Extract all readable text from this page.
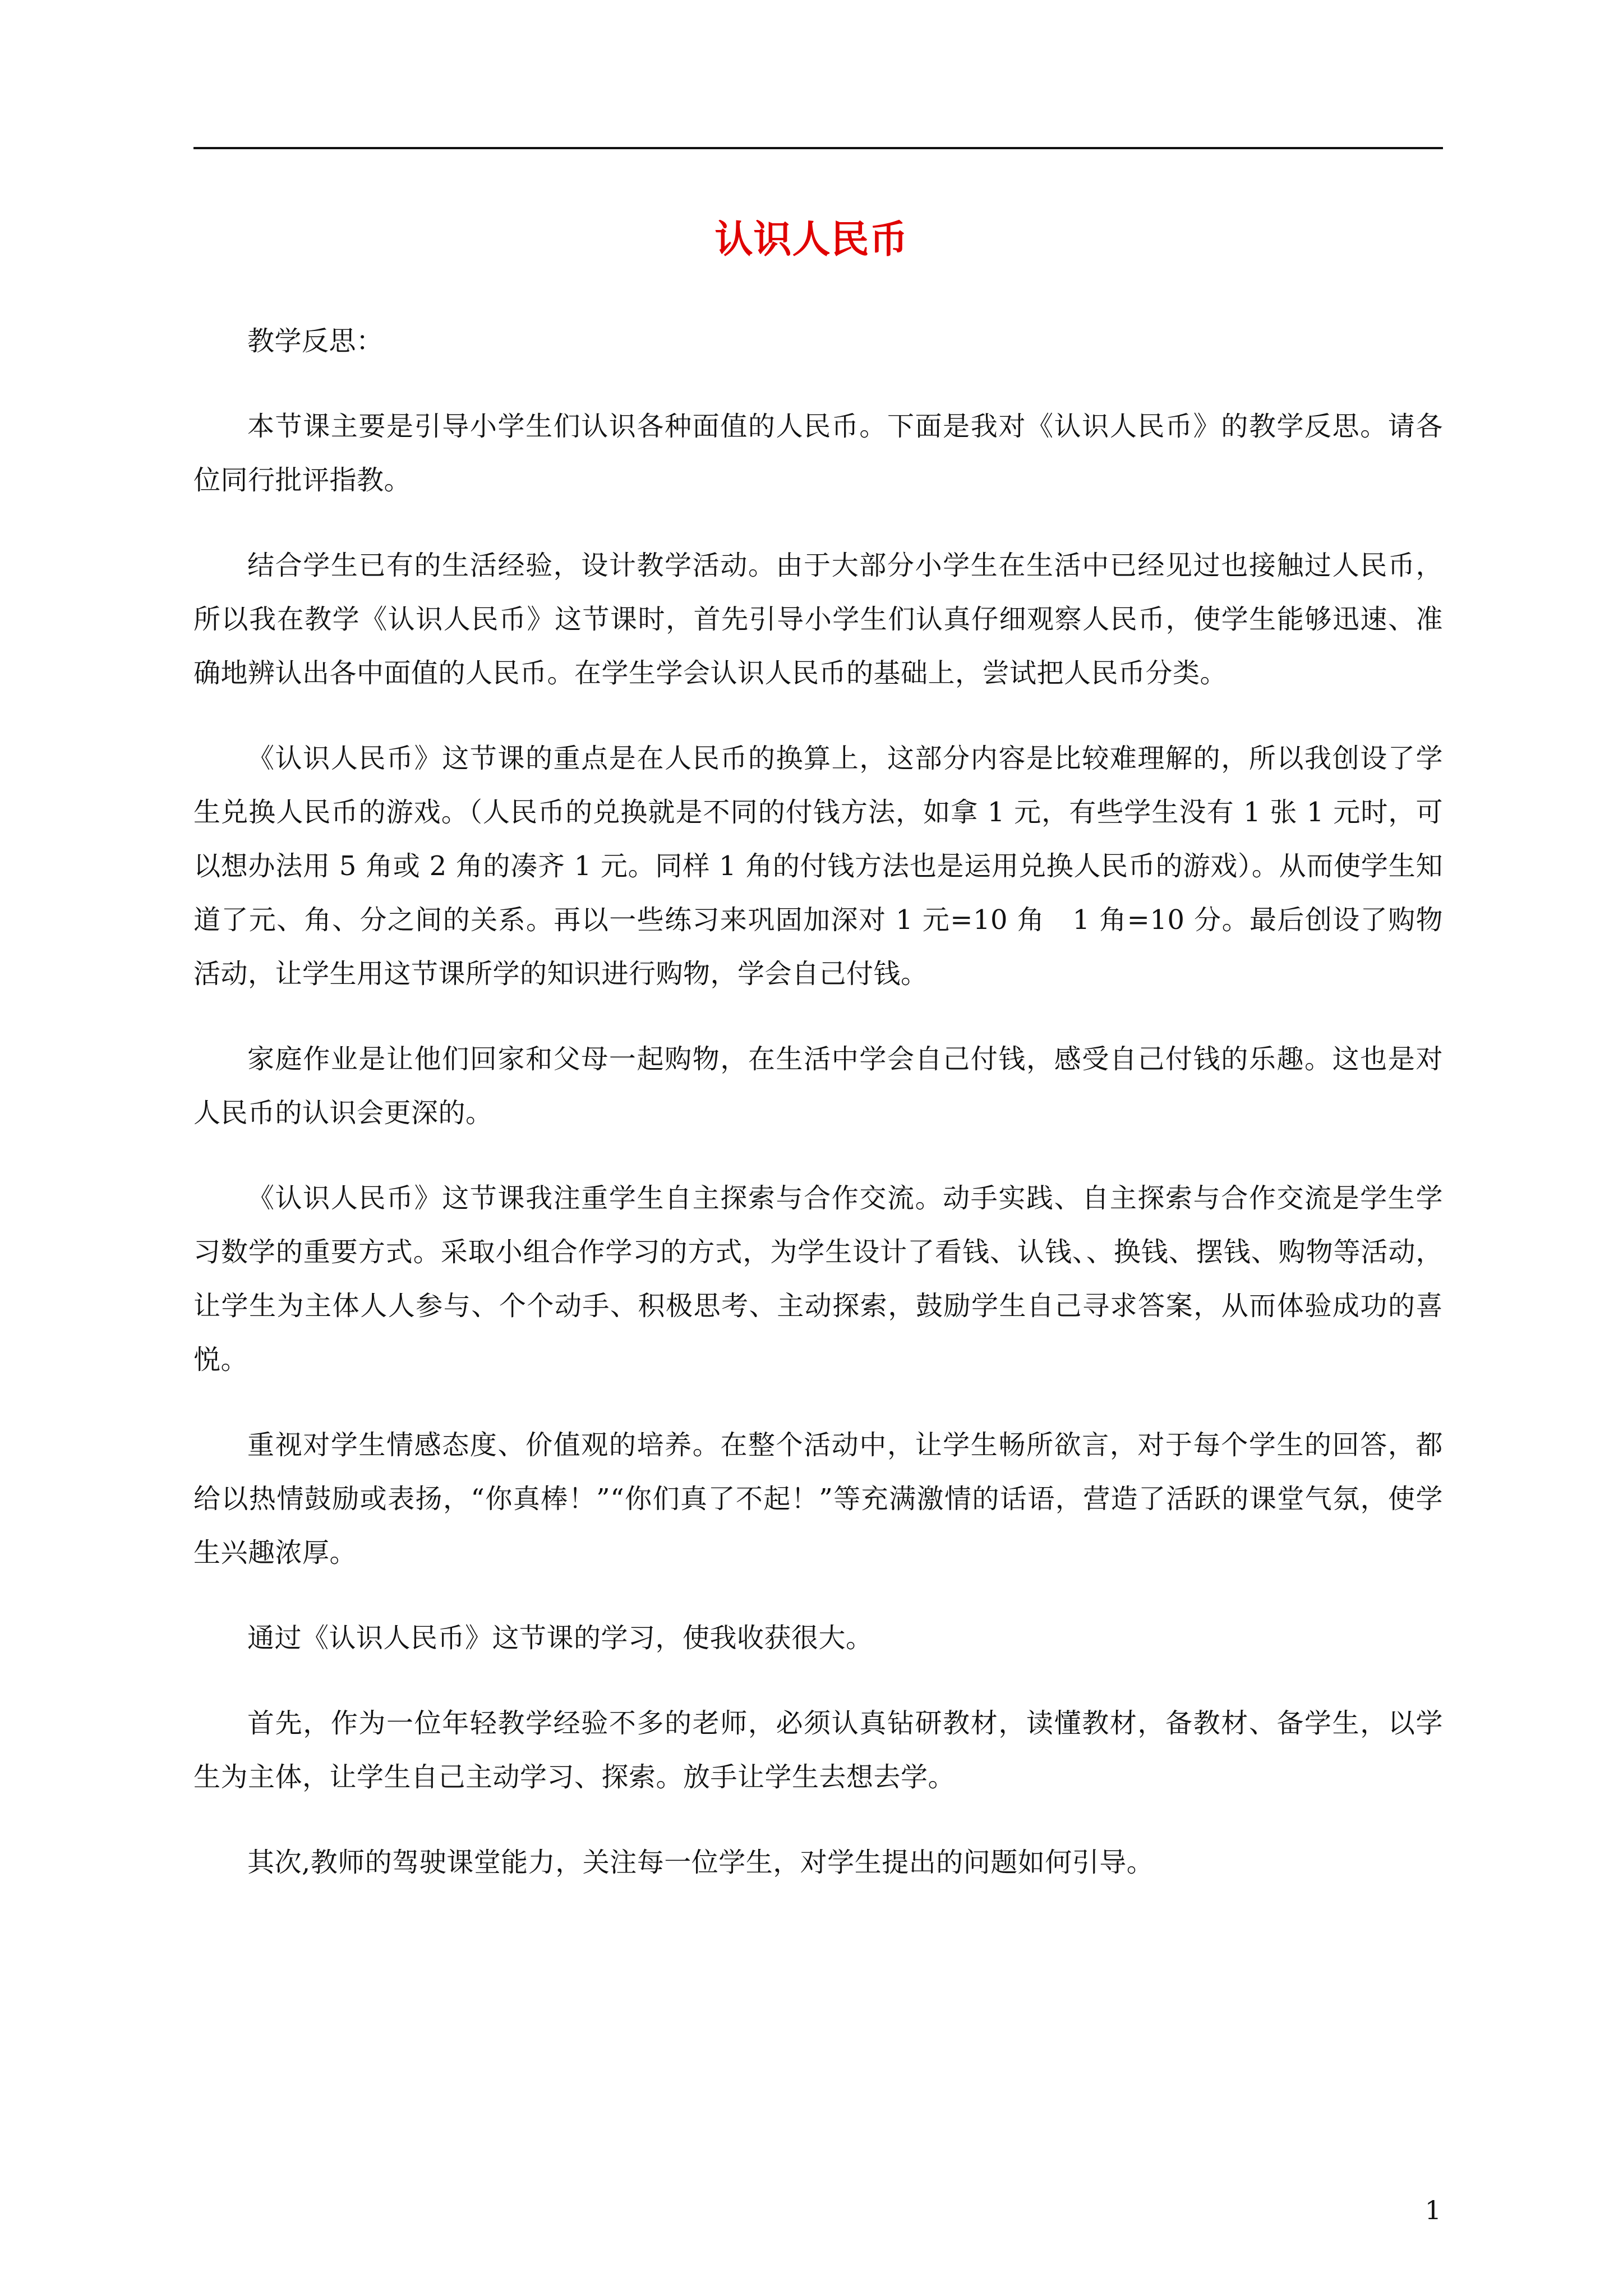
认识人民币

教学反思：

本节课主要是引导小学生们认识各种面值的人民币。下面是我对《认识人民币》的教学反思。请各位同行批评指教。

结合学生已有的生活经验，设计教学活动。由于大部分小学生在生活中已经见过也接触过人民币，所以我在教学《认识人民币》这节课时，首先引导小学生们认真仔细观察人民币，使学生能够迅速、准确地辨认出各中面值的人民币。在学生学会认识人民币的基础上，尝试把人民币分类。

《认识人民币》这节课的重点是在人民币的换算上，这部分内容是比较难理解的，所以我创设了学生兑换人民币的游戏。（人民币的兑换就是不同的付钱方法，如拿 1 元，有些学生没有 1 张 1 元时，可以想办法用 5 角或 2 角的凑齐 1 元。同样 1 角的付钱方法也是运用兑换人民币的游戏）。从而使学生知道了元、角、分之间的关系。再以一些练习来巩固加深对 1 元=10 角　1 角=10 分。最后创设了购物活动，让学生用这节课所学的知识进行购物，学会自己付钱。

家庭作业是让他们回家和父母一起购物，在生活中学会自己付钱，感受自己付钱的乐趣。这也是对人民币的认识会更深的。

《认识人民币》这节课我注重学生自主探索与合作交流。动手实践、自主探索与合作交流是学生学习数学的重要方式。采取小组合作学习的方式，为学生设计了看钱、认钱、、换钱、摆钱、购物等活动，让学生为主体人人参与、个个动手、积极思考、主动探索，鼓励学生自己寻求答案，从而体验成功的喜悦。

重视对学生情感态度、价值观的培养。在整个活动中，让学生畅所欲言，对于每个学生的回答，都给以热情鼓励或表扬，“你真棒！”“你们真了不起！”等充满激情的话语，营造了活跃的课堂气氛，使学生兴趣浓厚。

通过《认识人民币》这节课的学习，使我收获很大。

首先，作为一位年轻教学经验不多的老师，必须认真钻研教材，读懂教材，备教材、备学生，以学生为主体，让学生自己主动学习、探索。放手让学生去想去学。

其次,教师的驾驶课堂能力，关注每一位学生，对学生提出的问题如何引导。

1
